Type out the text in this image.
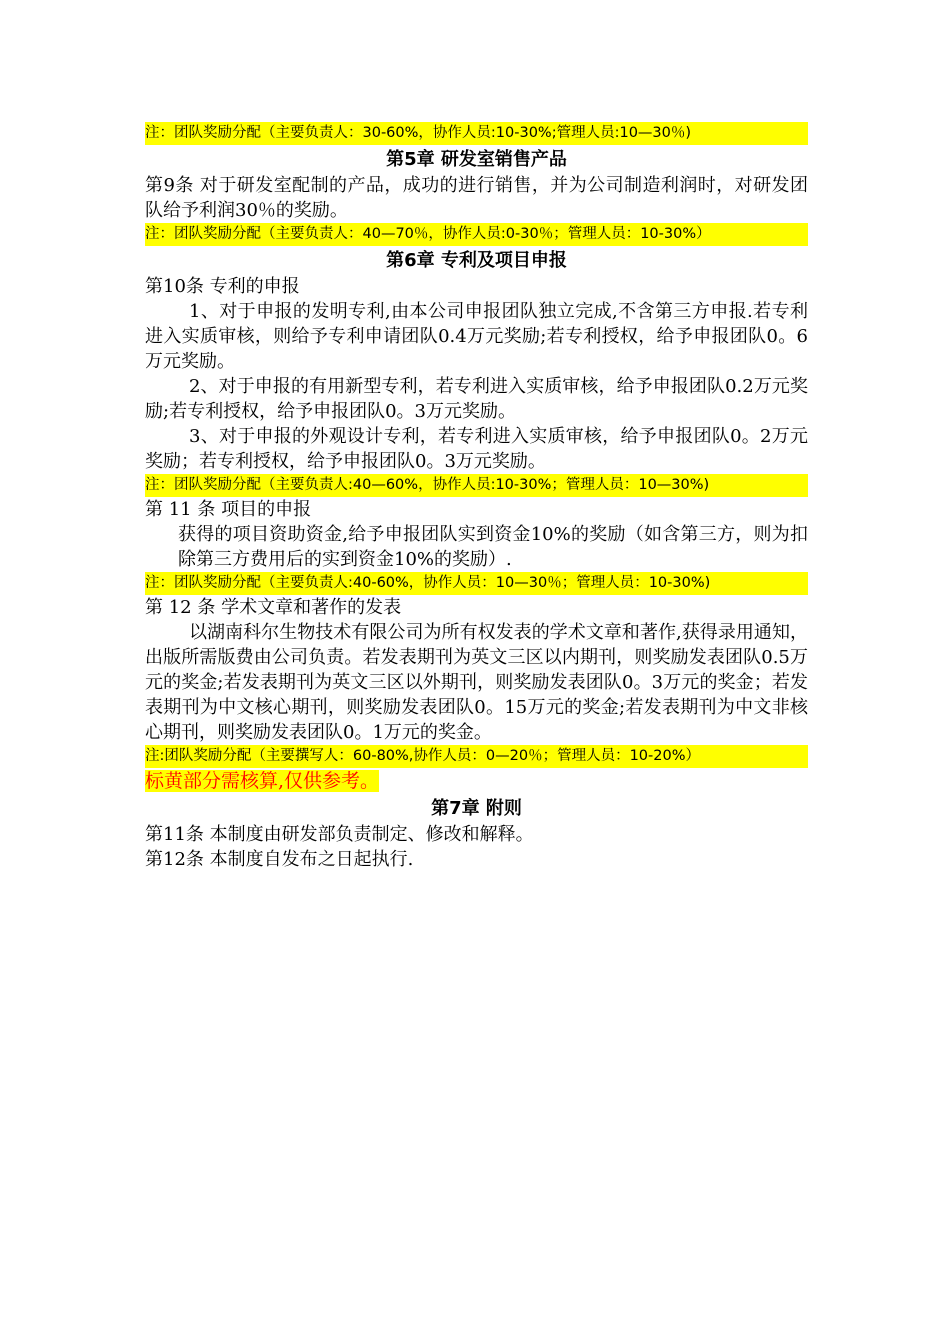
注：团队奖励分配（主要负责人：30-60%，协作人员:10-30%;管理人员:10—30％)

第5章 研发室销售产品

第9条 对于研发室配制的产品，成功的进行销售，并为公司制造利润时，对研发团队给予利润30％的奖励。

注：团队奖励分配（主要负责人：40—70％，协作人员:0-30％；管理人员：10-30%）

第6章 专利及项目申报

第10条 专利的申报

1、对于申报的发明专利,由本公司申报团队独立完成,不含第三方申报.若专利进入实质审核，则给予专利申请团队0.4万元奖励;若专利授权，给予申报团队0。6万元奖励。

2、对于申报的有用新型专利，若专利进入实质审核，给予申报团队0.2万元奖励;若专利授权，给予申报团队0。3万元奖励。

3、对于申报的外观设计专利，若专利进入实质审核，给予申报团队0。2万元奖励；若专利授权，给予申报团队0。3万元奖励。

注：团队奖励分配（主要负责人:40—60%，协作人员:10-30%；管理人员：10—30%)

第 11 条 项目的申报

获得的项目资助资金,给予申报团队实到资金10%的奖励（如含第三方，则为扣除第三方费用后的实到资金10%的奖励）.

注：团队奖励分配（主要负责人:40-60%，协作人员：10—30％；管理人员：10-30%)

第 12 条 学术文章和著作的发表

以湖南科尔生物技术有限公司为所有权发表的学术文章和著作,获得录用通知，出版所需版费由公司负责。若发表期刊为英文三区以内期刊，则奖励发表团队0.5万元的奖金;若发表期刊为英文三区以外期刊，则奖励发表团队0。3万元的奖金；若发表期刊为中文核心期刊，则奖励发表团队0。15万元的奖金;若发表期刊为中文非核心期刊，则奖励发表团队0。1万元的奖金。

注:团队奖励分配（主要撰写人：60-80%,协作人员：0—20％；管理人员：10-20%）

标黄部分需核算,仅供参考。

第7章 附则

第11条 本制度由研发部负责制定、修改和解释。

第12条 本制度自发布之日起执行.
